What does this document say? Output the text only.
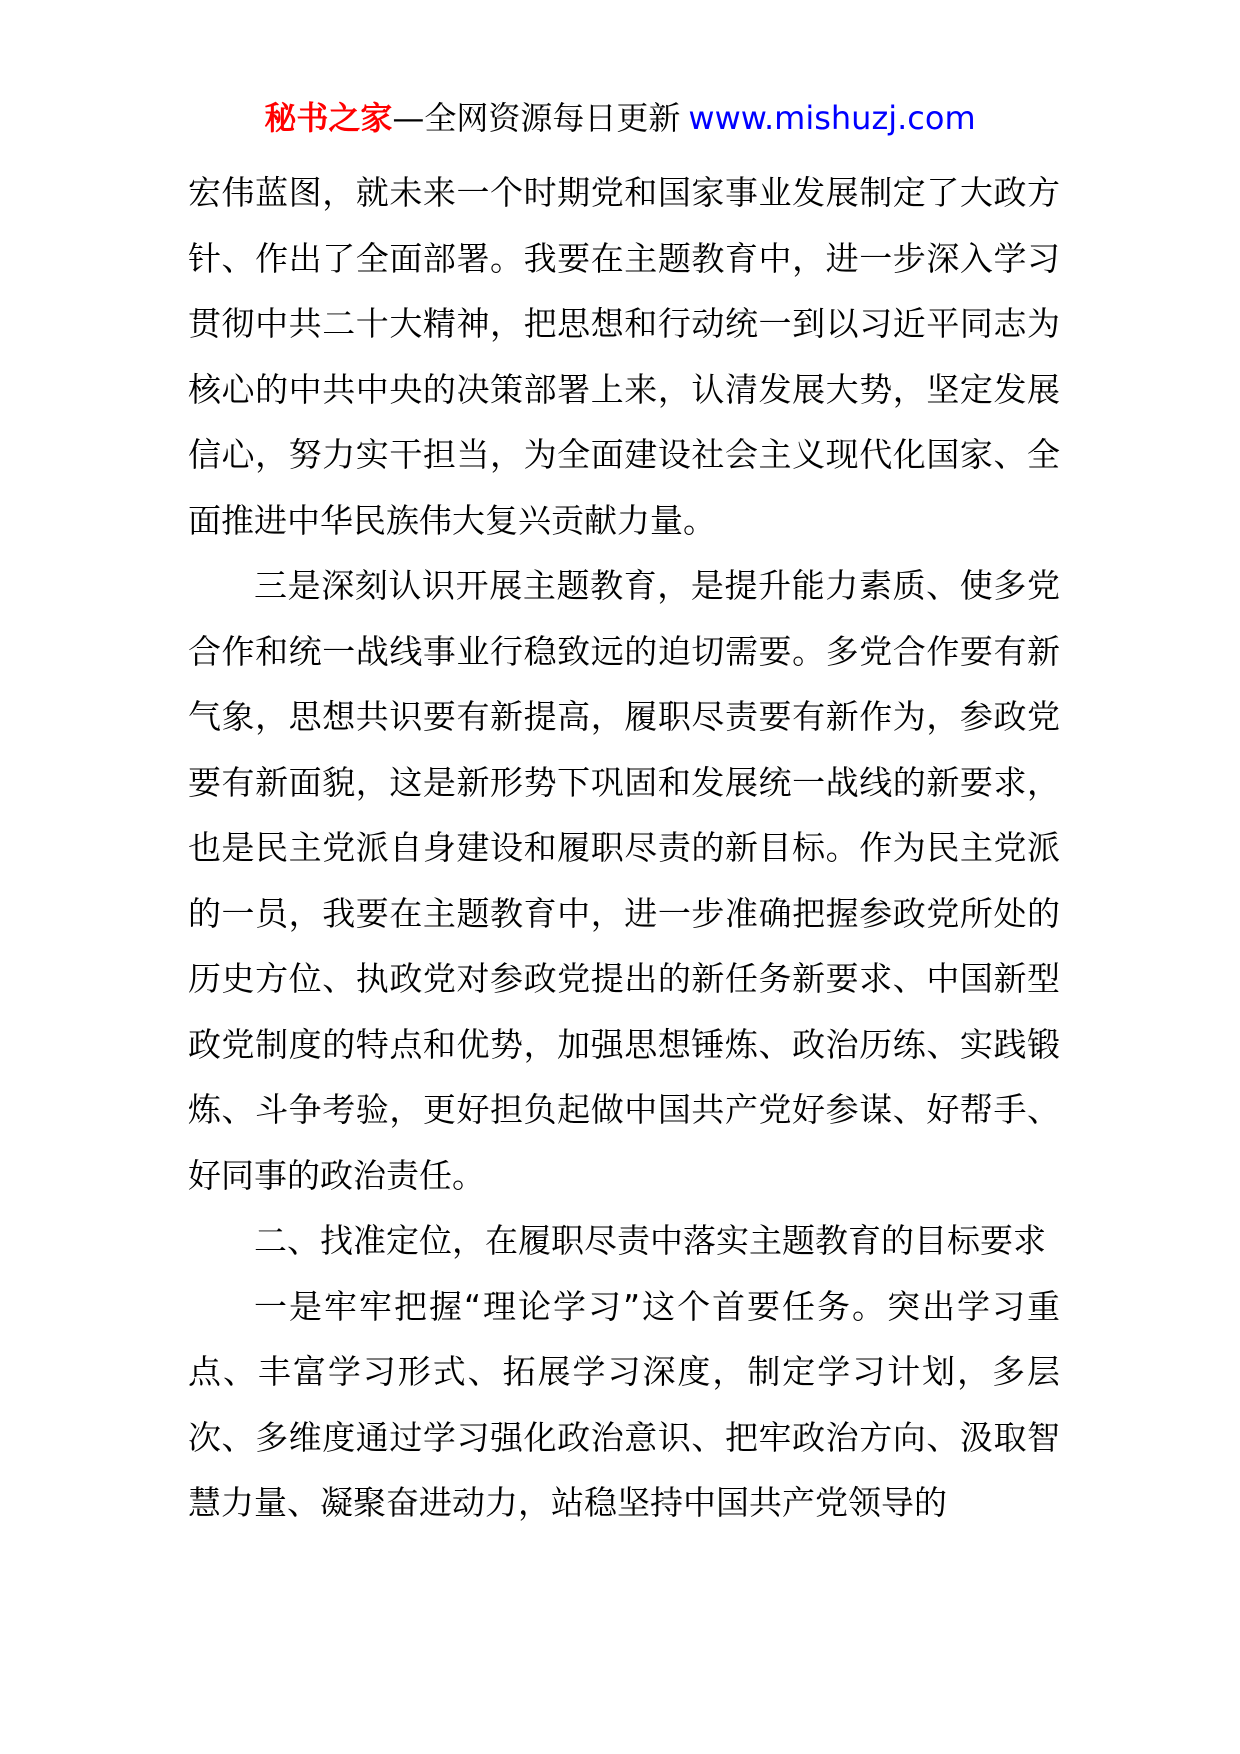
秘书之家—全网资源每日更新 www.mishuzj.com

宏伟蓝图，就未来一个时期党和国家事业发展制定了大政方针、作出了全面部署。我要在主题教育中，进一步深入学习贯彻中共二十大精神，把思想和行动统一到以习近平同志为核心的中共中央的决策部署上来，认清发展大势，坚定发展信心，努力实干担当，为全面建设社会主义现代化国家、全面推进中华民族伟大复兴贡献力量。

三是深刻认识开展主题教育，是提升能力素质、使多党合作和统一战线事业行稳致远的迫切需要。多党合作要有新气象，思想共识要有新提高，履职尽责要有新作为，参政党要有新面貌，这是新形势下巩固和发展统一战线的新要求，也是民主党派自身建设和履职尽责的新目标。作为民主党派的一员，我要在主题教育中，进一步准确把握参政党所处的历史方位、执政党对参政党提出的新任务新要求、中国新型政党制度的特点和优势，加强思想锤炼、政治历练、实践锻炼、斗争考验，更好担负起做中国共产党好参谋、好帮手、好同事的政治责任。

二、找准定位，在履职尽责中落实主题教育的目标要求

一是牢牢把握“理论学习”这个首要任务。突出学习重点、丰富学习形式、拓展学习深度，制定学习计划，多层次、多维度通过学习强化政治意识、把牢政治方向、汲取智慧力量、凝聚奋进动力，站稳坚持中国共产党领导的
